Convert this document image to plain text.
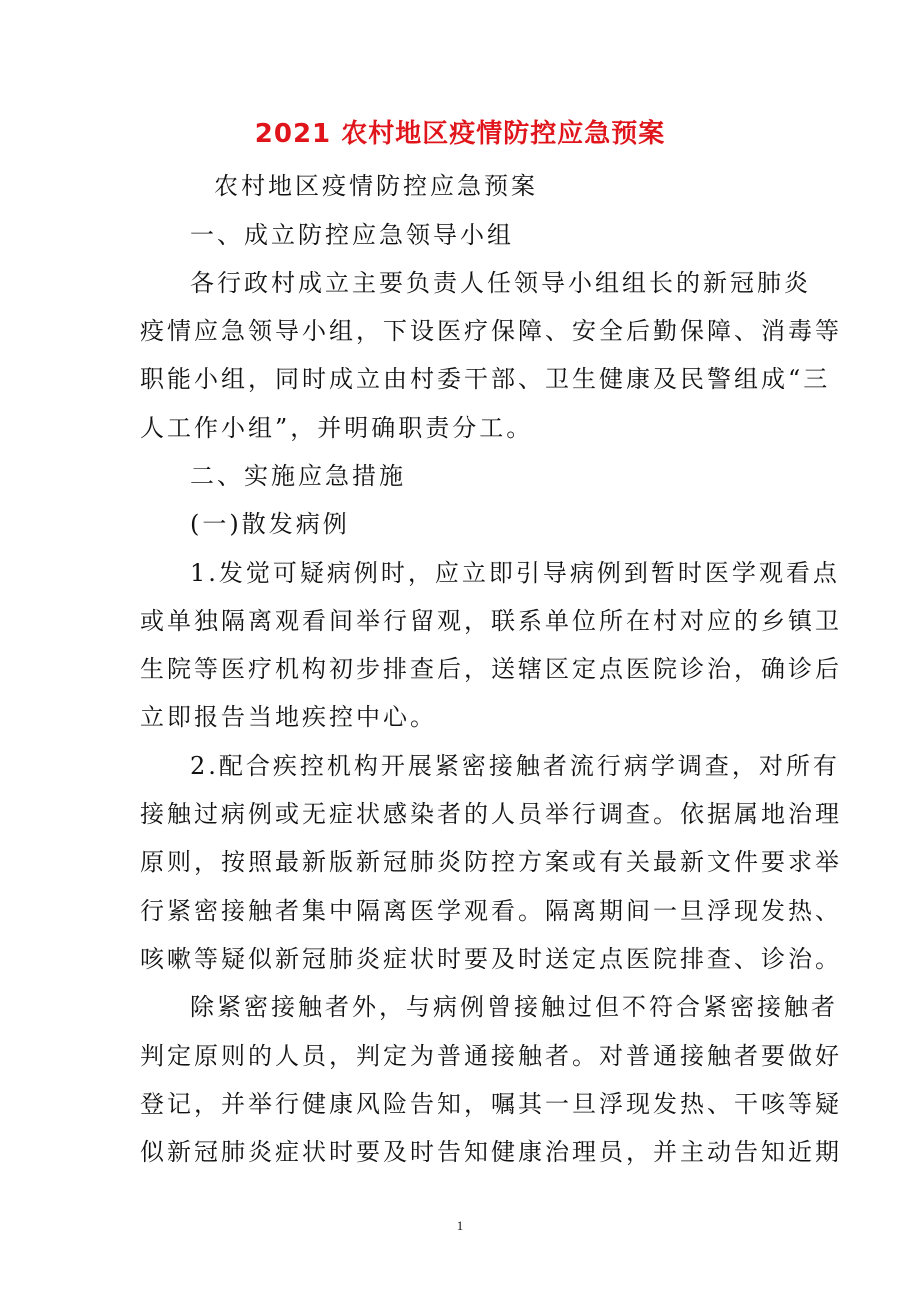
2021 农村地区疫情防控应急预案
农村地区疫情防控应急预案
一、成立防控应急领导小组
各行政村成立主要负责人任领导小组组长的新冠肺炎
疫情应急领导小组，下设医疗保障、安全后勤保障、消毒等
职能小组，同时成立由村委干部、卫生健康及民警组成“三
人工作小组”，并明确职责分工。
二、实施应急措施
(一)散发病例
1.发觉可疑病例时，应立即引导病例到暂时医学观看点
或单独隔离观看间举行留观，联系单位所在村对应的乡镇卫
生院等医疗机构初步排查后，送辖区定点医院诊治，确诊后
立即报告当地疾控中心。
2.配合疾控机构开展紧密接触者流行病学调查，对所有
接触过病例或无症状感染者的人员举行调查。依据属地治理
原则，按照最新版新冠肺炎防控方案或有关最新文件要求举
行紧密接触者集中隔离医学观看。隔离期间一旦浮现发热、
咳嗽等疑似新冠肺炎症状时要及时送定点医院排查、诊治。
除紧密接触者外，与病例曾接触过但不符合紧密接触者
判定原则的人员，判定为普通接触者。对普通接触者要做好
登记，并举行健康风险告知，嘱其一旦浮现发热、干咳等疑
似新冠肺炎症状时要及时告知健康治理员，并主动告知近期
1
